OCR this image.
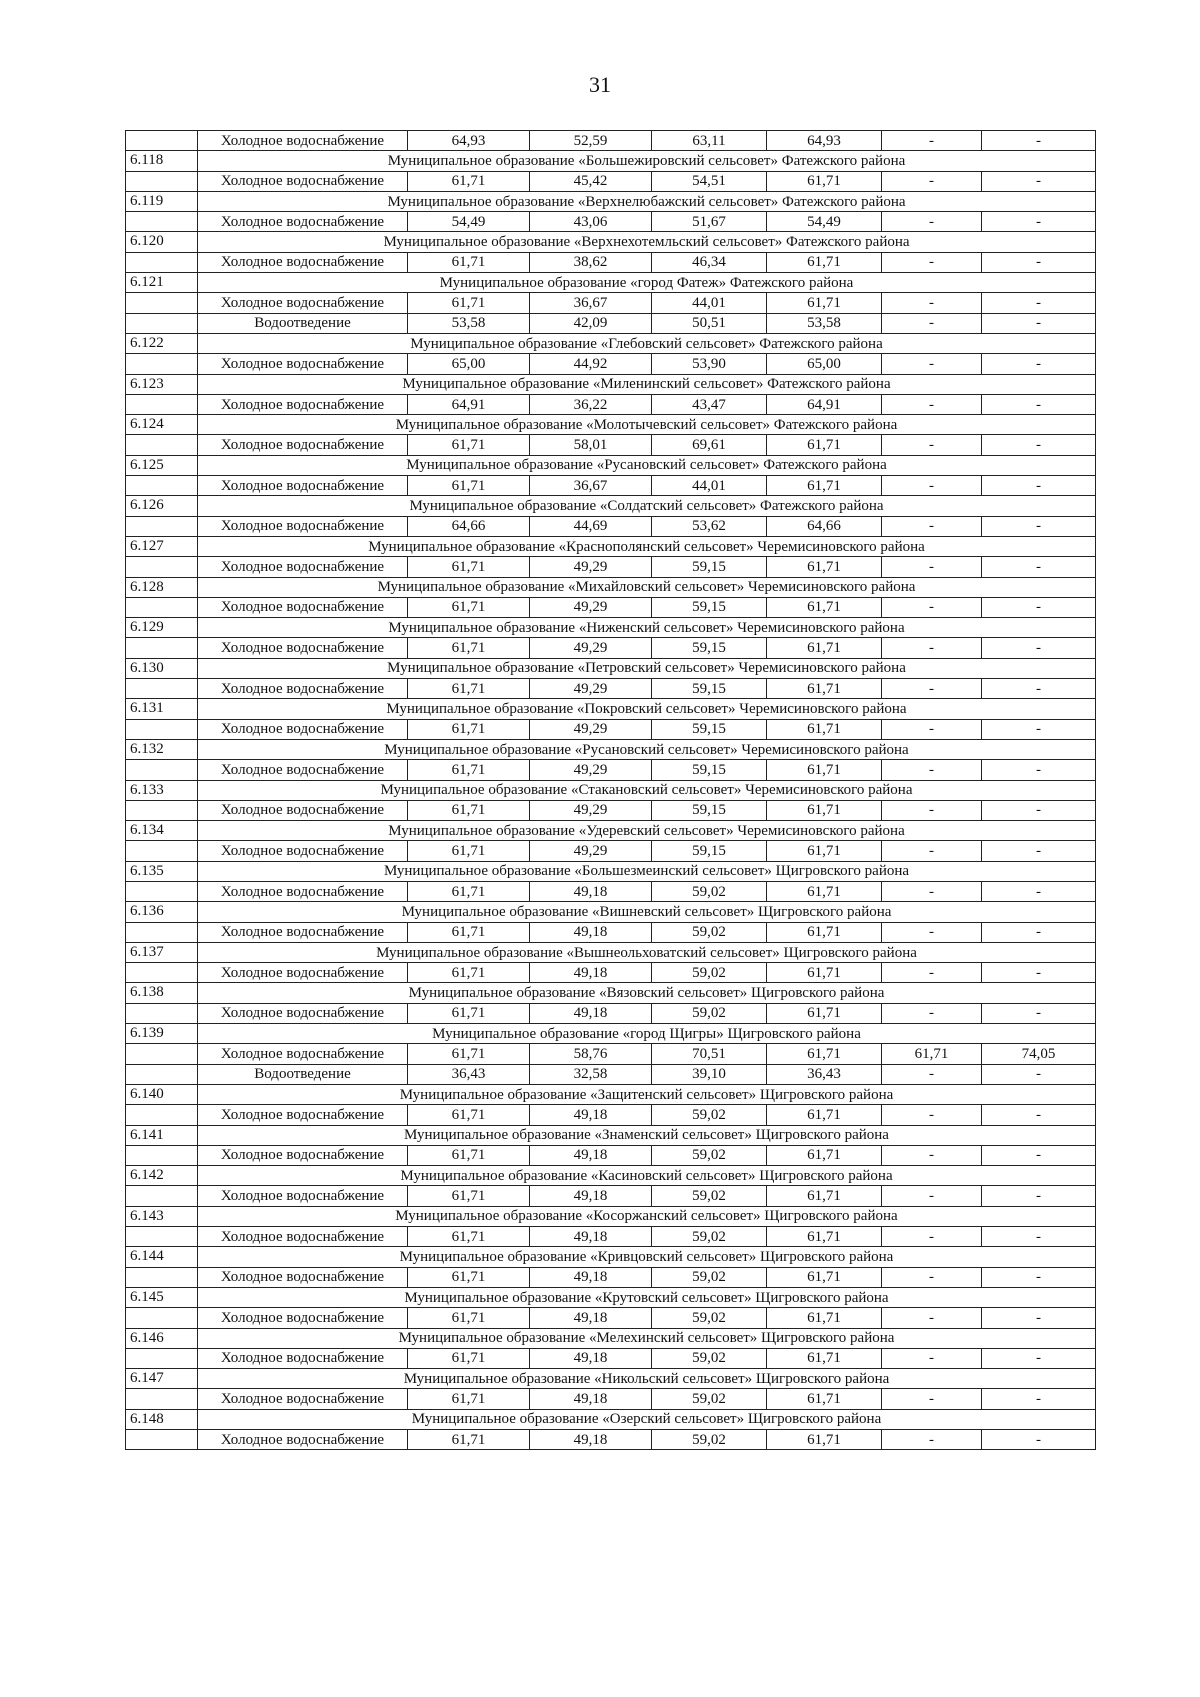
31
	Холодное водоснабжение	64,93	52,59	63,11	64,93	-	-
6.118	Муниципальное образование «Большежировский сельсовет» Фатежского района						
	Холодное водоснабжение	61,71	45,42	54,51	61,71	-	-
6.119	Муниципальное образование «Верхнелюбажский сельсовет» Фатежского района						
	Холодное водоснабжение	54,49	43,06	51,67	54,49	-	-
6.120	Муниципальное образование «Верхнехотемльский сельсовет» Фатежского района						
	Холодное водоснабжение	61,71	38,62	46,34	61,71	-	-
6.121	Муниципальное образование «город Фатеж» Фатежского района						
	Холодное водоснабжение	61,71	36,67	44,01	61,71	-	-
	Водоотведение	53,58	42,09	50,51	53,58	-	-
6.122	Муниципальное образование «Глебовский сельсовет» Фатежского района						
	Холодное водоснабжение	65,00	44,92	53,90	65,00	-	-
6.123	Муниципальное образование «Миленинский сельсовет» Фатежского района						
	Холодное водоснабжение	64,91	36,22	43,47	64,91	-	-
6.124	Муниципальное образование «Молотычевский сельсовет» Фатежского района						
	Холодное водоснабжение	61,71	58,01	69,61	61,71	-	-
6.125	Муниципальное образование «Русановский сельсовет» Фатежского района						
	Холодное водоснабжение	61,71	36,67	44,01	61,71	-	-
6.126	Муниципальное образование «Солдатский сельсовет» Фатежского района						
	Холодное водоснабжение	64,66	44,69	53,62	64,66	-	-
6.127	Муниципальное образование «Краснополянский сельсовет» Черемисиновского района						
	Холодное водоснабжение	61,71	49,29	59,15	61,71	-	-
6.128	Муниципальное образование «Михайловский сельсовет» Черемисиновского района						
	Холодное водоснабжение	61,71	49,29	59,15	61,71	-	-
6.129	Муниципальное образование «Ниженский сельсовет» Черемисиновского района						
	Холодное водоснабжение	61,71	49,29	59,15	61,71	-	-
6.130	Муниципальное образование «Петровский сельсовет» Черемисиновского района						
	Холодное водоснабжение	61,71	49,29	59,15	61,71	-	-
6.131	Муниципальное образование «Покровский сельсовет» Черемисиновского района						
	Холодное водоснабжение	61,71	49,29	59,15	61,71	-	-
6.132	Муниципальное образование «Русановский сельсовет» Черемисиновского района						
	Холодное водоснабжение	61,71	49,29	59,15	61,71	-	-
6.133	Муниципальное образование «Стакановский сельсовет» Черемисиновского района						
	Холодное водоснабжение	61,71	49,29	59,15	61,71	-	-
6.134	Муниципальное образование «Удеревский сельсовет» Черемисиновского района						
	Холодное водоснабжение	61,71	49,29	59,15	61,71	-	-
6.135	Муниципальное образование «Большезмеинский сельсовет» Щигровского района						
	Холодное водоснабжение	61,71	49,18	59,02	61,71	-	-
6.136	Муниципальное образование «Вишневский сельсовет» Щигровского района						
	Холодное водоснабжение	61,71	49,18	59,02	61,71	-	-
6.137	Муниципальное образование «Вышнеольховатский сельсовет» Щигровского района						
	Холодное водоснабжение	61,71	49,18	59,02	61,71	-	-
6.138	Муниципальное образование «Вязовский сельсовет» Щигровского района						
	Холодное водоснабжение	61,71	49,18	59,02	61,71	-	-
6.139	Муниципальное образование «город Щигры» Щигровского района						
	Холодное водоснабжение	61,71	58,76	70,51	61,71	61,71	74,05
	Водоотведение	36,43	32,58	39,10	36,43	-	-
6.140	Муниципальное образование «Защитенский сельсовет» Щигровского района						
	Холодное водоснабжение	61,71	49,18	59,02	61,71	-	-
6.141	Муниципальное образование «Знаменский сельсовет» Щигровского района						
	Холодное водоснабжение	61,71	49,18	59,02	61,71	-	-
6.142	Муниципальное образование «Касиновский сельсовет» Щигровского района						
	Холодное водоснабжение	61,71	49,18	59,02	61,71	-	-
6.143	Муниципальное образование «Косоржанский сельсовет» Щигровского района						
	Холодное водоснабжение	61,71	49,18	59,02	61,71	-	-
6.144	Муниципальное образование «Кривцовский сельсовет» Щигровского района						
	Холодное водоснабжение	61,71	49,18	59,02	61,71	-	-
6.145	Муниципальное образование «Крутовский сельсовет» Щигровского района						
	Холодное водоснабжение	61,71	49,18	59,02	61,71	-	-
6.146	Муниципальное образование «Мелехинский сельсовет» Щигровского района						
	Холодное водоснабжение	61,71	49,18	59,02	61,71	-	-
6.147	Муниципальное образование «Никольский сельсовет» Щигровского района						
	Холодное водоснабжение	61,71	49,18	59,02	61,71	-	-
6.148	Муниципальное образование «Озерский сельсовет» Щигровского района						
	Холодное водоснабжение	61,71	49,18	59,02	61,71	-	-
